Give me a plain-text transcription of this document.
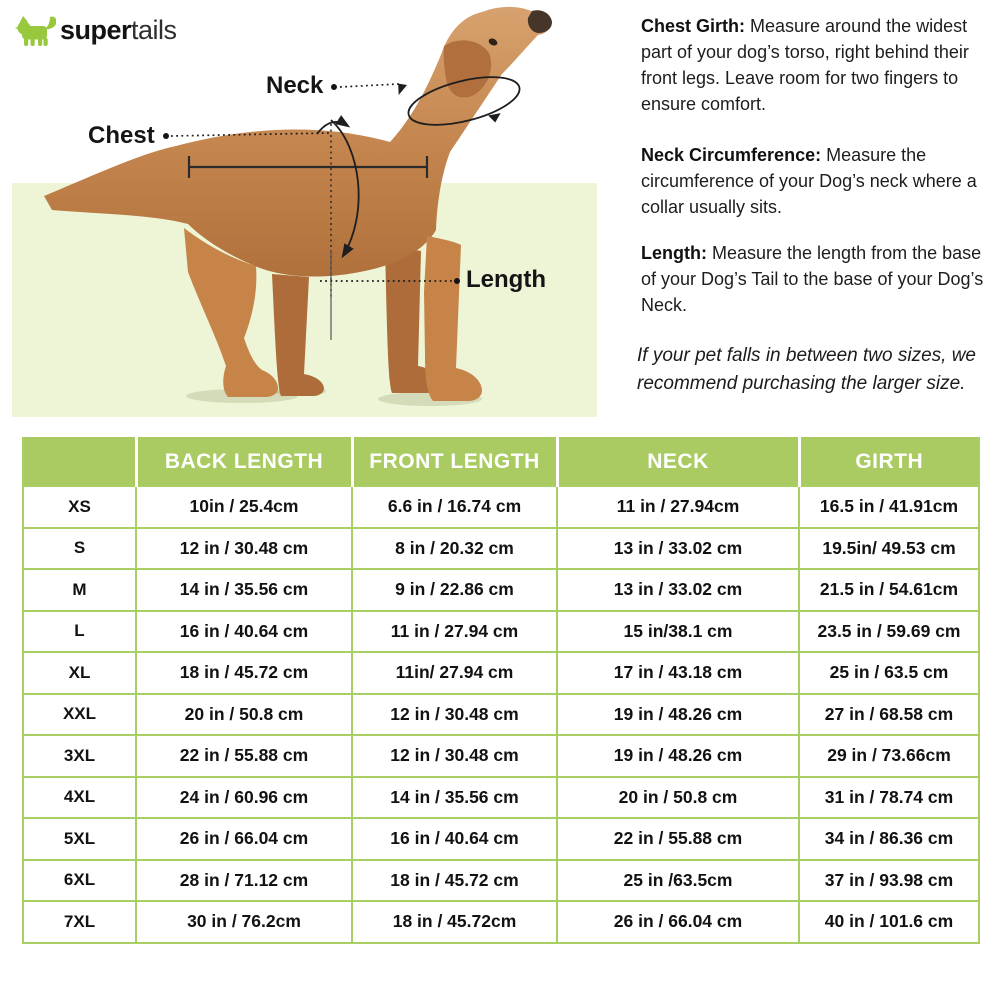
supertails
Neck
Chest
Length
Chest Girth: Measure around the widest part of your dog’s torso, right behind their front legs. Leave room for two fingers to ensure comfort.
Neck Circumference: Measure the circumference of your Dog’s neck where a collar usually sits.
Length: Measure the length from the base of your Dog’s Tail to the base of your Dog’s Neck.
If your pet falls in between two sizes, we recommend purchasing the larger size.
	BACK LENGTH	FRONT LENGTH	NECK	GIRTH
XS	10in / 25.4cm	6.6 in / 16.74 cm	11 in / 27.94cm	16.5 in / 41.91cm
S	12 in / 30.48 cm	8 in / 20.32 cm	13 in / 33.02 cm	19.5in/ 49.53 cm
M	14 in / 35.56 cm	9 in / 22.86 cm	13 in / 33.02 cm	21.5 in / 54.61cm
L	16 in / 40.64 cm	11 in / 27.94 cm	15 in/38.1 cm	23.5 in / 59.69 cm
XL	18 in / 45.72 cm	11in/ 27.94 cm	17 in / 43.18 cm	25 in / 63.5 cm
XXL	20 in / 50.8 cm	12 in / 30.48 cm	19 in / 48.26 cm	27 in / 68.58 cm
3XL	22 in / 55.88 cm	12 in / 30.48 cm	19 in / 48.26 cm	29 in / 73.66cm
4XL	24 in / 60.96 cm	14 in / 35.56 cm	20 in / 50.8 cm	31 in / 78.74 cm
5XL	26 in / 66.04 cm	16 in / 40.64 cm	22 in / 55.88 cm	34 in / 86.36 cm
6XL	28 in / 71.12 cm	18 in / 45.72 cm	25 in /63.5cm	37 in / 93.98 cm
7XL	30 in / 76.2cm	18 in / 45.72cm	26 in / 66.04 cm	40 in / 101.6 cm
